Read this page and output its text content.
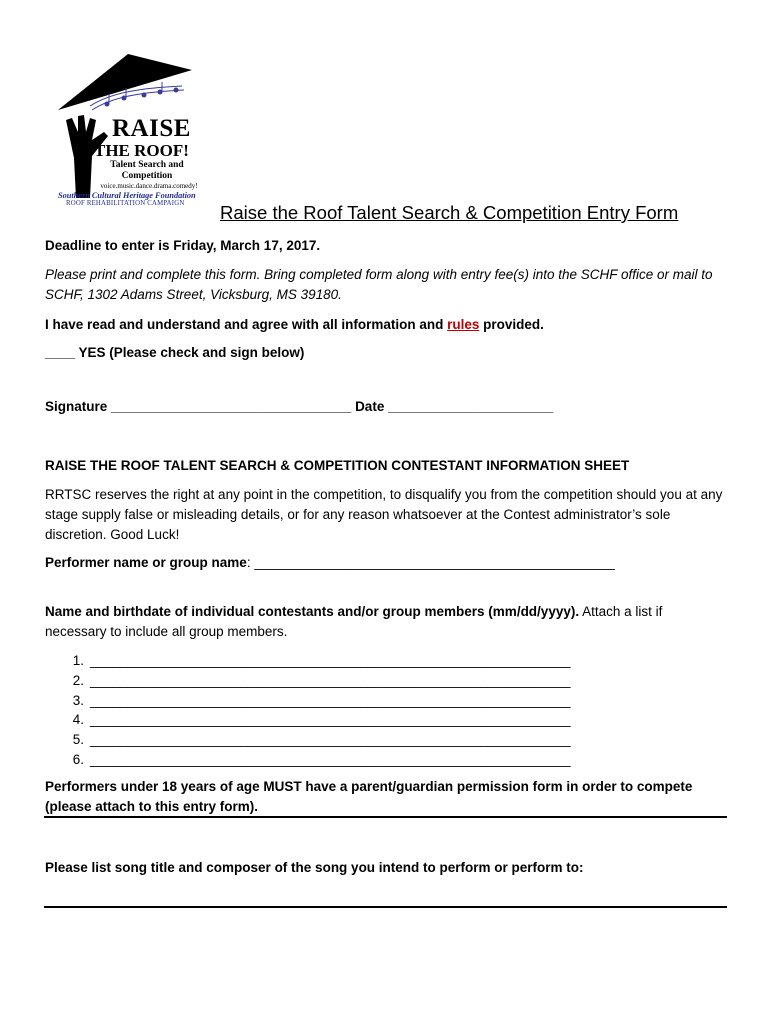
RAISE
THE ROOF!
Talent Search and
Competition
voice.music.dance.drama.comedy!
Southern Cultural Heritage Foundation
ROOF REHABILITATION CAMPAIGN Raise the Roof Talent Search & Competition Entry Form
Deadline to enter is Friday, March 17, 2017.
Please print and complete this form. Bring completed form along with entry fee(s) into the SCHF office or mail to SCHF, 1302 Adams Street, Vicksburg, MS 39180.
I have read and understand and agree with all information and rules provided.
____ YES (Please check and sign below)
Signature ________________________________ Date ______________________
RAISE THE ROOF TALENT SEARCH & COMPETITION CONTESTANT INFORMATION SHEET
RRTSC reserves the right at any point in the competition, to disqualify you from the competition should you at any stage supply false or misleading details, or for any reason whatsoever at the Contest administrator’s sole discretion. Good Luck!
Performer name or group name: ________________________________________________
Name and birthdate of individual contestants and/or group members (mm/dd/yyyy). Attach a list if necessary to include all group members.
1. ________________________________________________________________
2. ________________________________________________________________
3. ________________________________________________________________
4. ________________________________________________________________
5. ________________________________________________________________
6. ________________________________________________________________
Performers under 18 years of age MUST have a parent/guardian permission form in order to compete (please attach to this entry form).
Please list song title and composer of the song you intend to perform or perform to:
